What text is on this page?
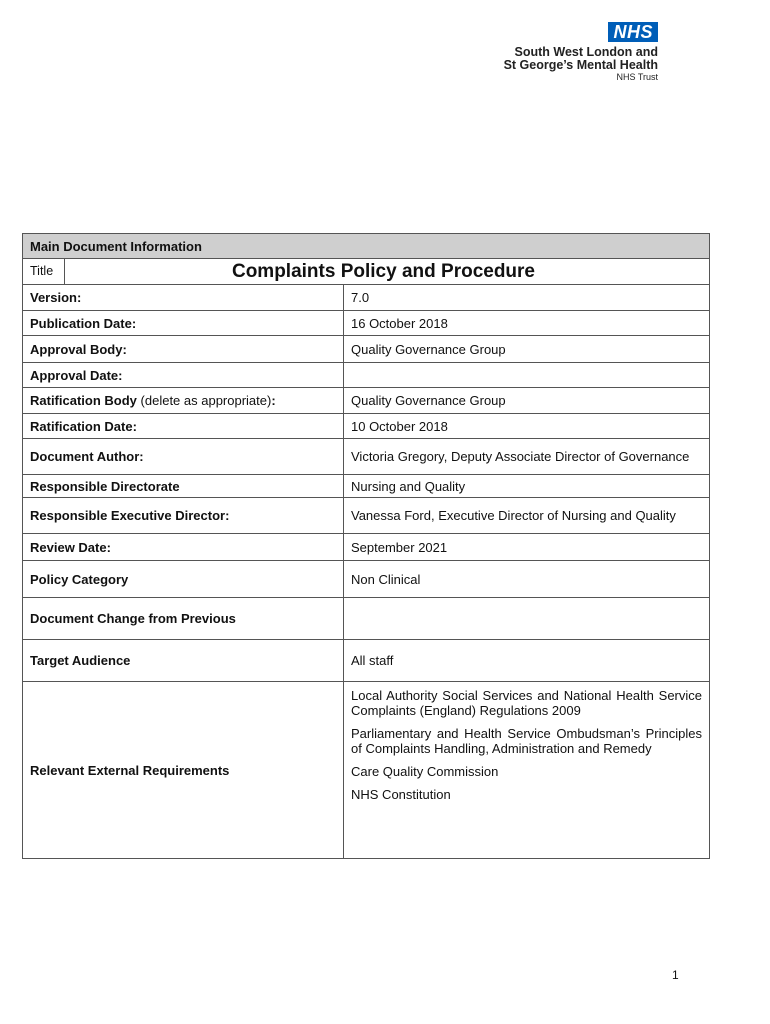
NHS
South West London and
St George’s Mental Health
NHS Trust
Main Document Information	

Title Complaints Policy and Procedure	

Version:	7.0
Publication Date:	16 October 2018
Approval Body:	Quality Governance Group
Approval Date:	
Ratification Body (delete as appropriate):	Quality Governance Group
Ratification Date:	10 October 2018
Document Author:	Victoria Gregory, Deputy Associate Director of Governance
Responsible Directorate	Nursing and Quality
Responsible Executive Director:	Vanessa Ford, Executive Director of Nursing and Quality
Review Date:	September 2021
Policy Category	Non Clinical
Document Change from Previous	
Target Audience	All staff
Relevant External Requirements	Local Authority Social Services and National Health Service Complaints (England) Regulations 2009

Parliamentary and Health Service Ombudsman’s Principles of Complaints Handling, Administration and Remedy

Care Quality Commission

NHS Constitution

1
